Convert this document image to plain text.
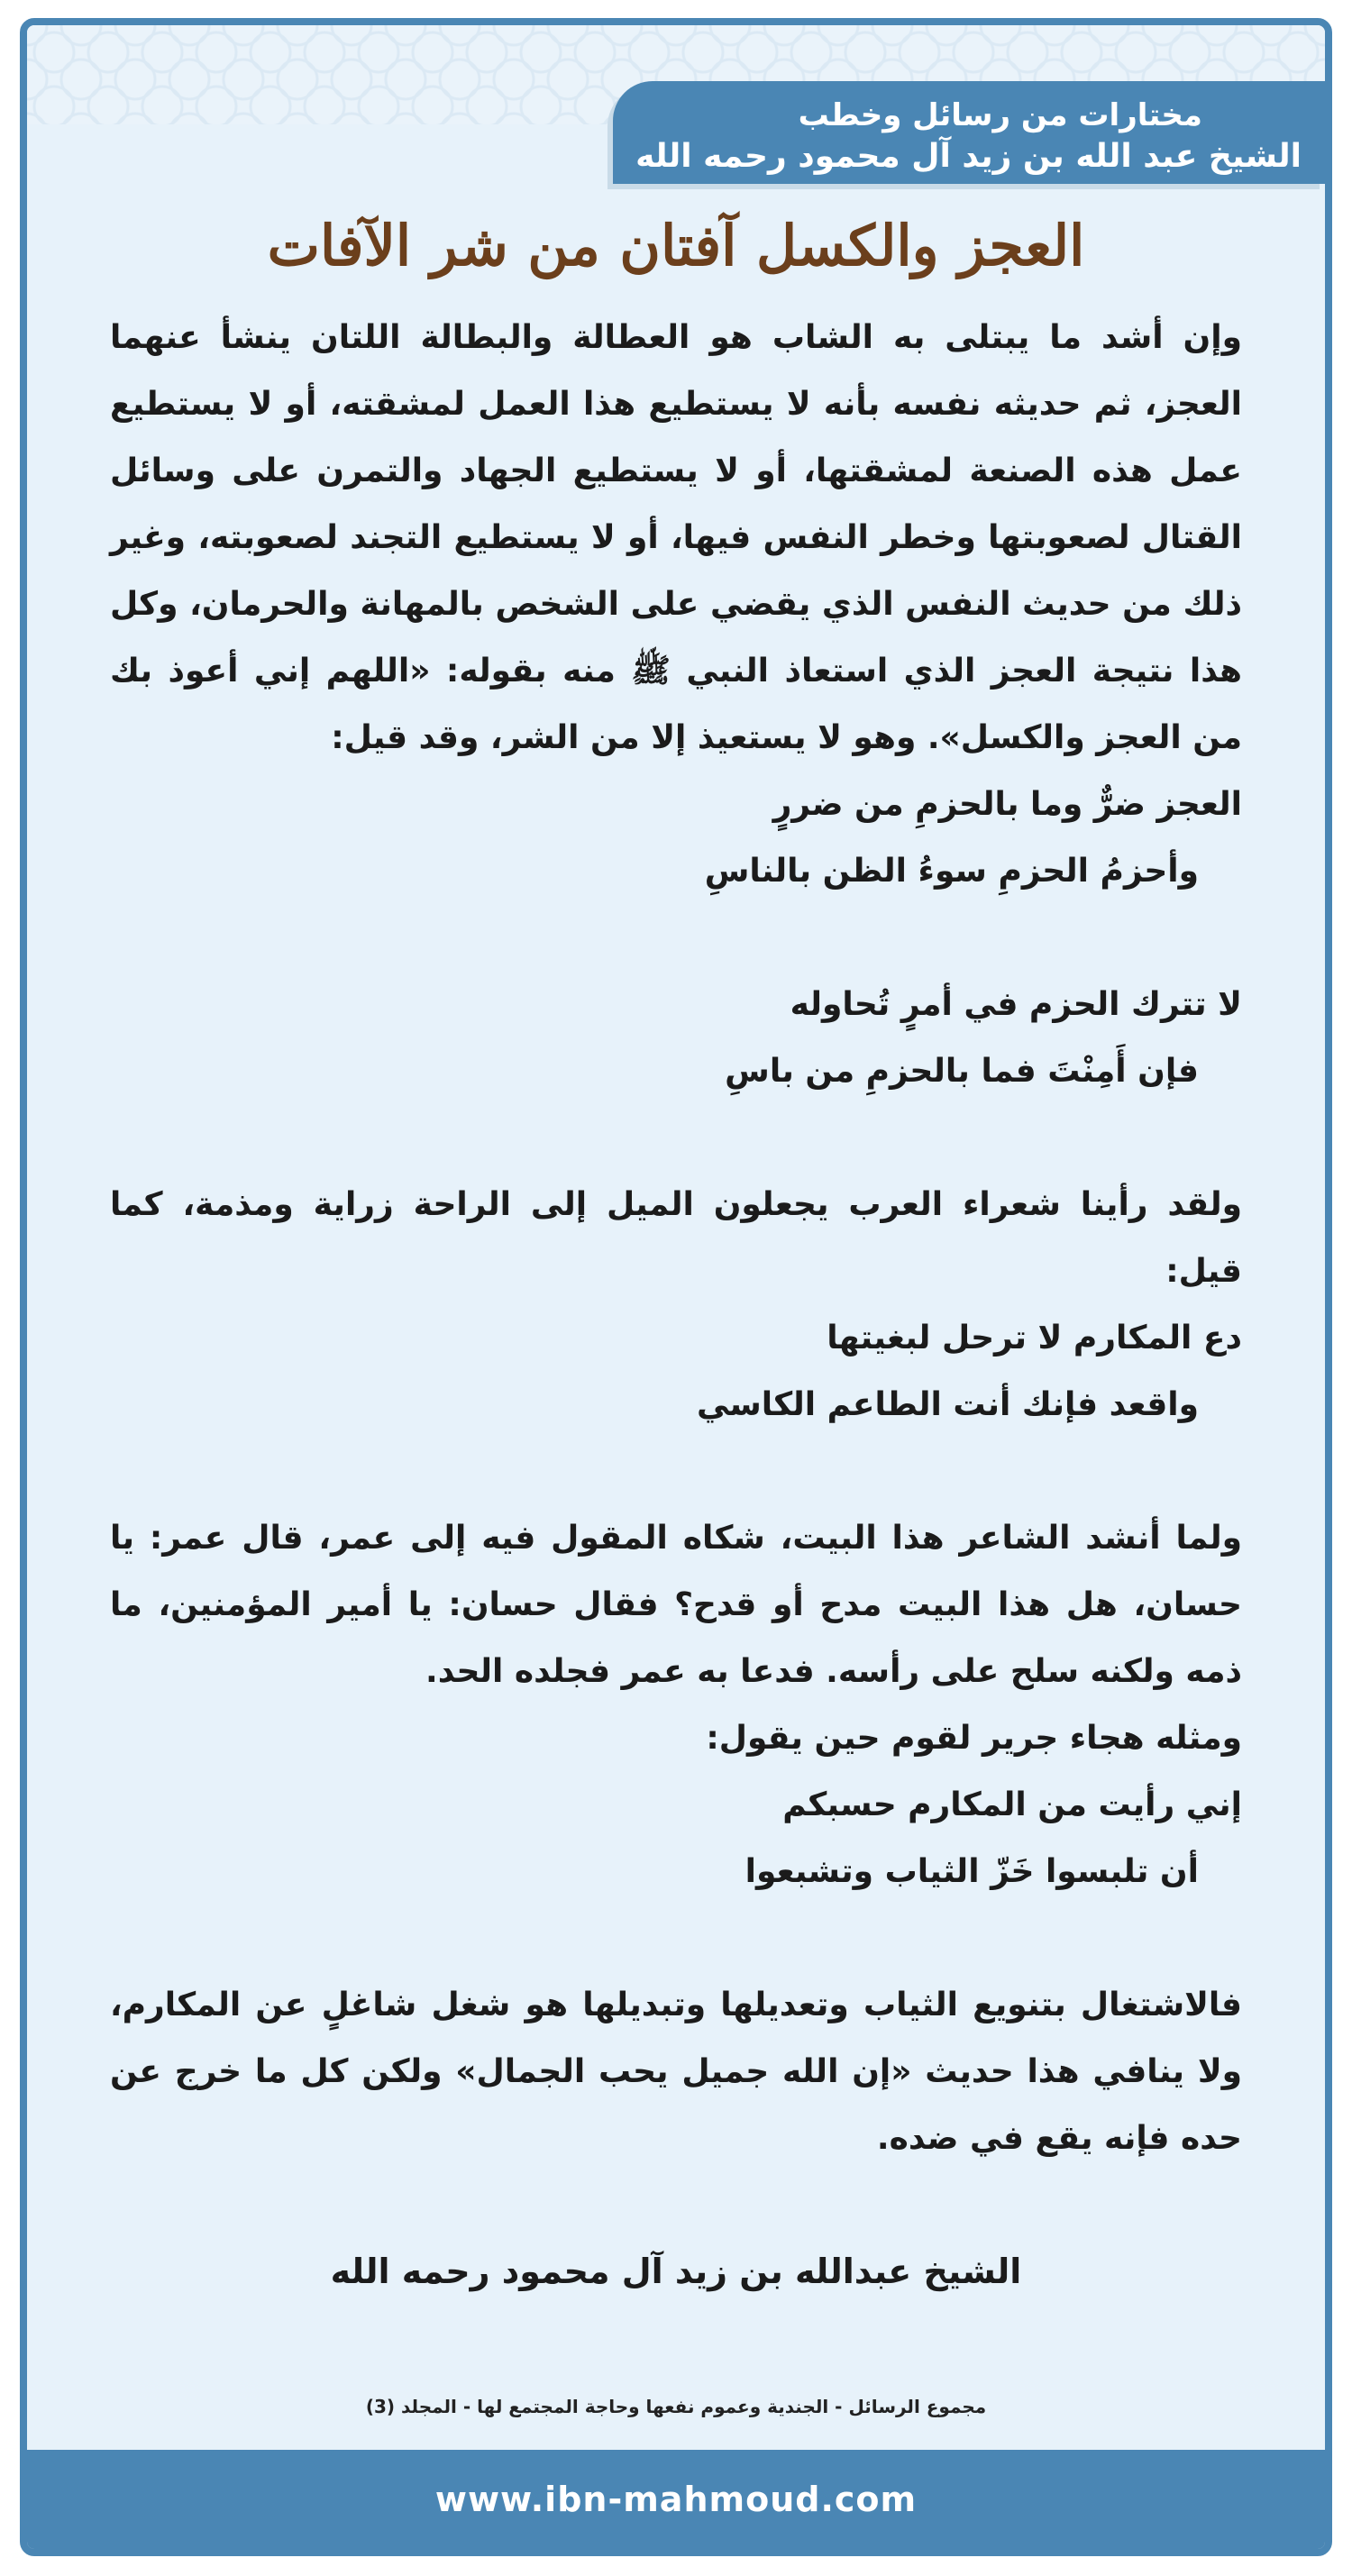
مختارات من رسائل وخطب
الشيخ عبد الله بن زيد آل محمود رحمه الله
العجز والكسل آفتان من شر الآفات

وإن أشد ما يبتلى به الشاب هو العطالة والبطالة اللتان ينشأ عنهما العجز، ثم حديثه نفسه بأنه لا يستطيع هذا العمل لمشقته، أو لا يستطيع عمل هذه الصنعة لمشقتها، أو لا يستطيع الجهاد والتمرن على وسائل القتال لصعوبتها وخطر النفس فيها، أو لا يستطيع التجند لصعوبته، وغير ذلك من حديث النفس الذي يقضي على الشخص بالمهانة والحرمان، وكل هذا نتيجة العجز الذي استعاذ النبي ﷺ منه بقوله: «اللهم إني أعوذ بك من العجز والكسل». وهو لا يستعيذ إلا من الشر، وقد قيل:

العجز ضرٌّ وما بالحزمِ من ضررٍ

وأحزمُ الحزمِ سوءُ الظن بالناسِ

لا تترك الحزم في أمرٍ تُحاوله

فإن أَمِنْتَ فما بالحزمِ من باسِ

ولقد رأينا شعراء العرب يجعلون الميل إلى الراحة زراية ومذمة، كما قيل:

دع المكارم لا ترحل لبغيتها

واقعد فإنك أنت الطاعم الكاسي

ولما أنشد الشاعر هذا البيت، شكاه المقول فيه إلى عمر، قال عمر: يا حسان، هل هذا البيت مدح أو قدح؟ فقال حسان: يا أمير المؤمنين، ما ذمه ولكنه سلح على رأسه. فدعا به عمر فجلده الحد.

ومثله هجاء جرير لقوم حين يقول:

إني رأيت من المكارم حسبكم

أن تلبسوا خَزّ الثياب وتشبعوا

فالاشتغال بتنويع الثياب وتعديلها وتبديلها هو شغل شاغلٍ عن المكارم، ولا ينافي هذا حديث «إن الله جميل يحب الجمال» ولكن كل ما خرج عن حده فإنه يقع في ضده.

الشيخ عبدالله بن زيد آل محمود رحمه الله
مجموع الرسائل - الجندية وعموم نفعها وحاجة المجتمع لها - المجلد (3)
www.ibn-mahmoud.com
